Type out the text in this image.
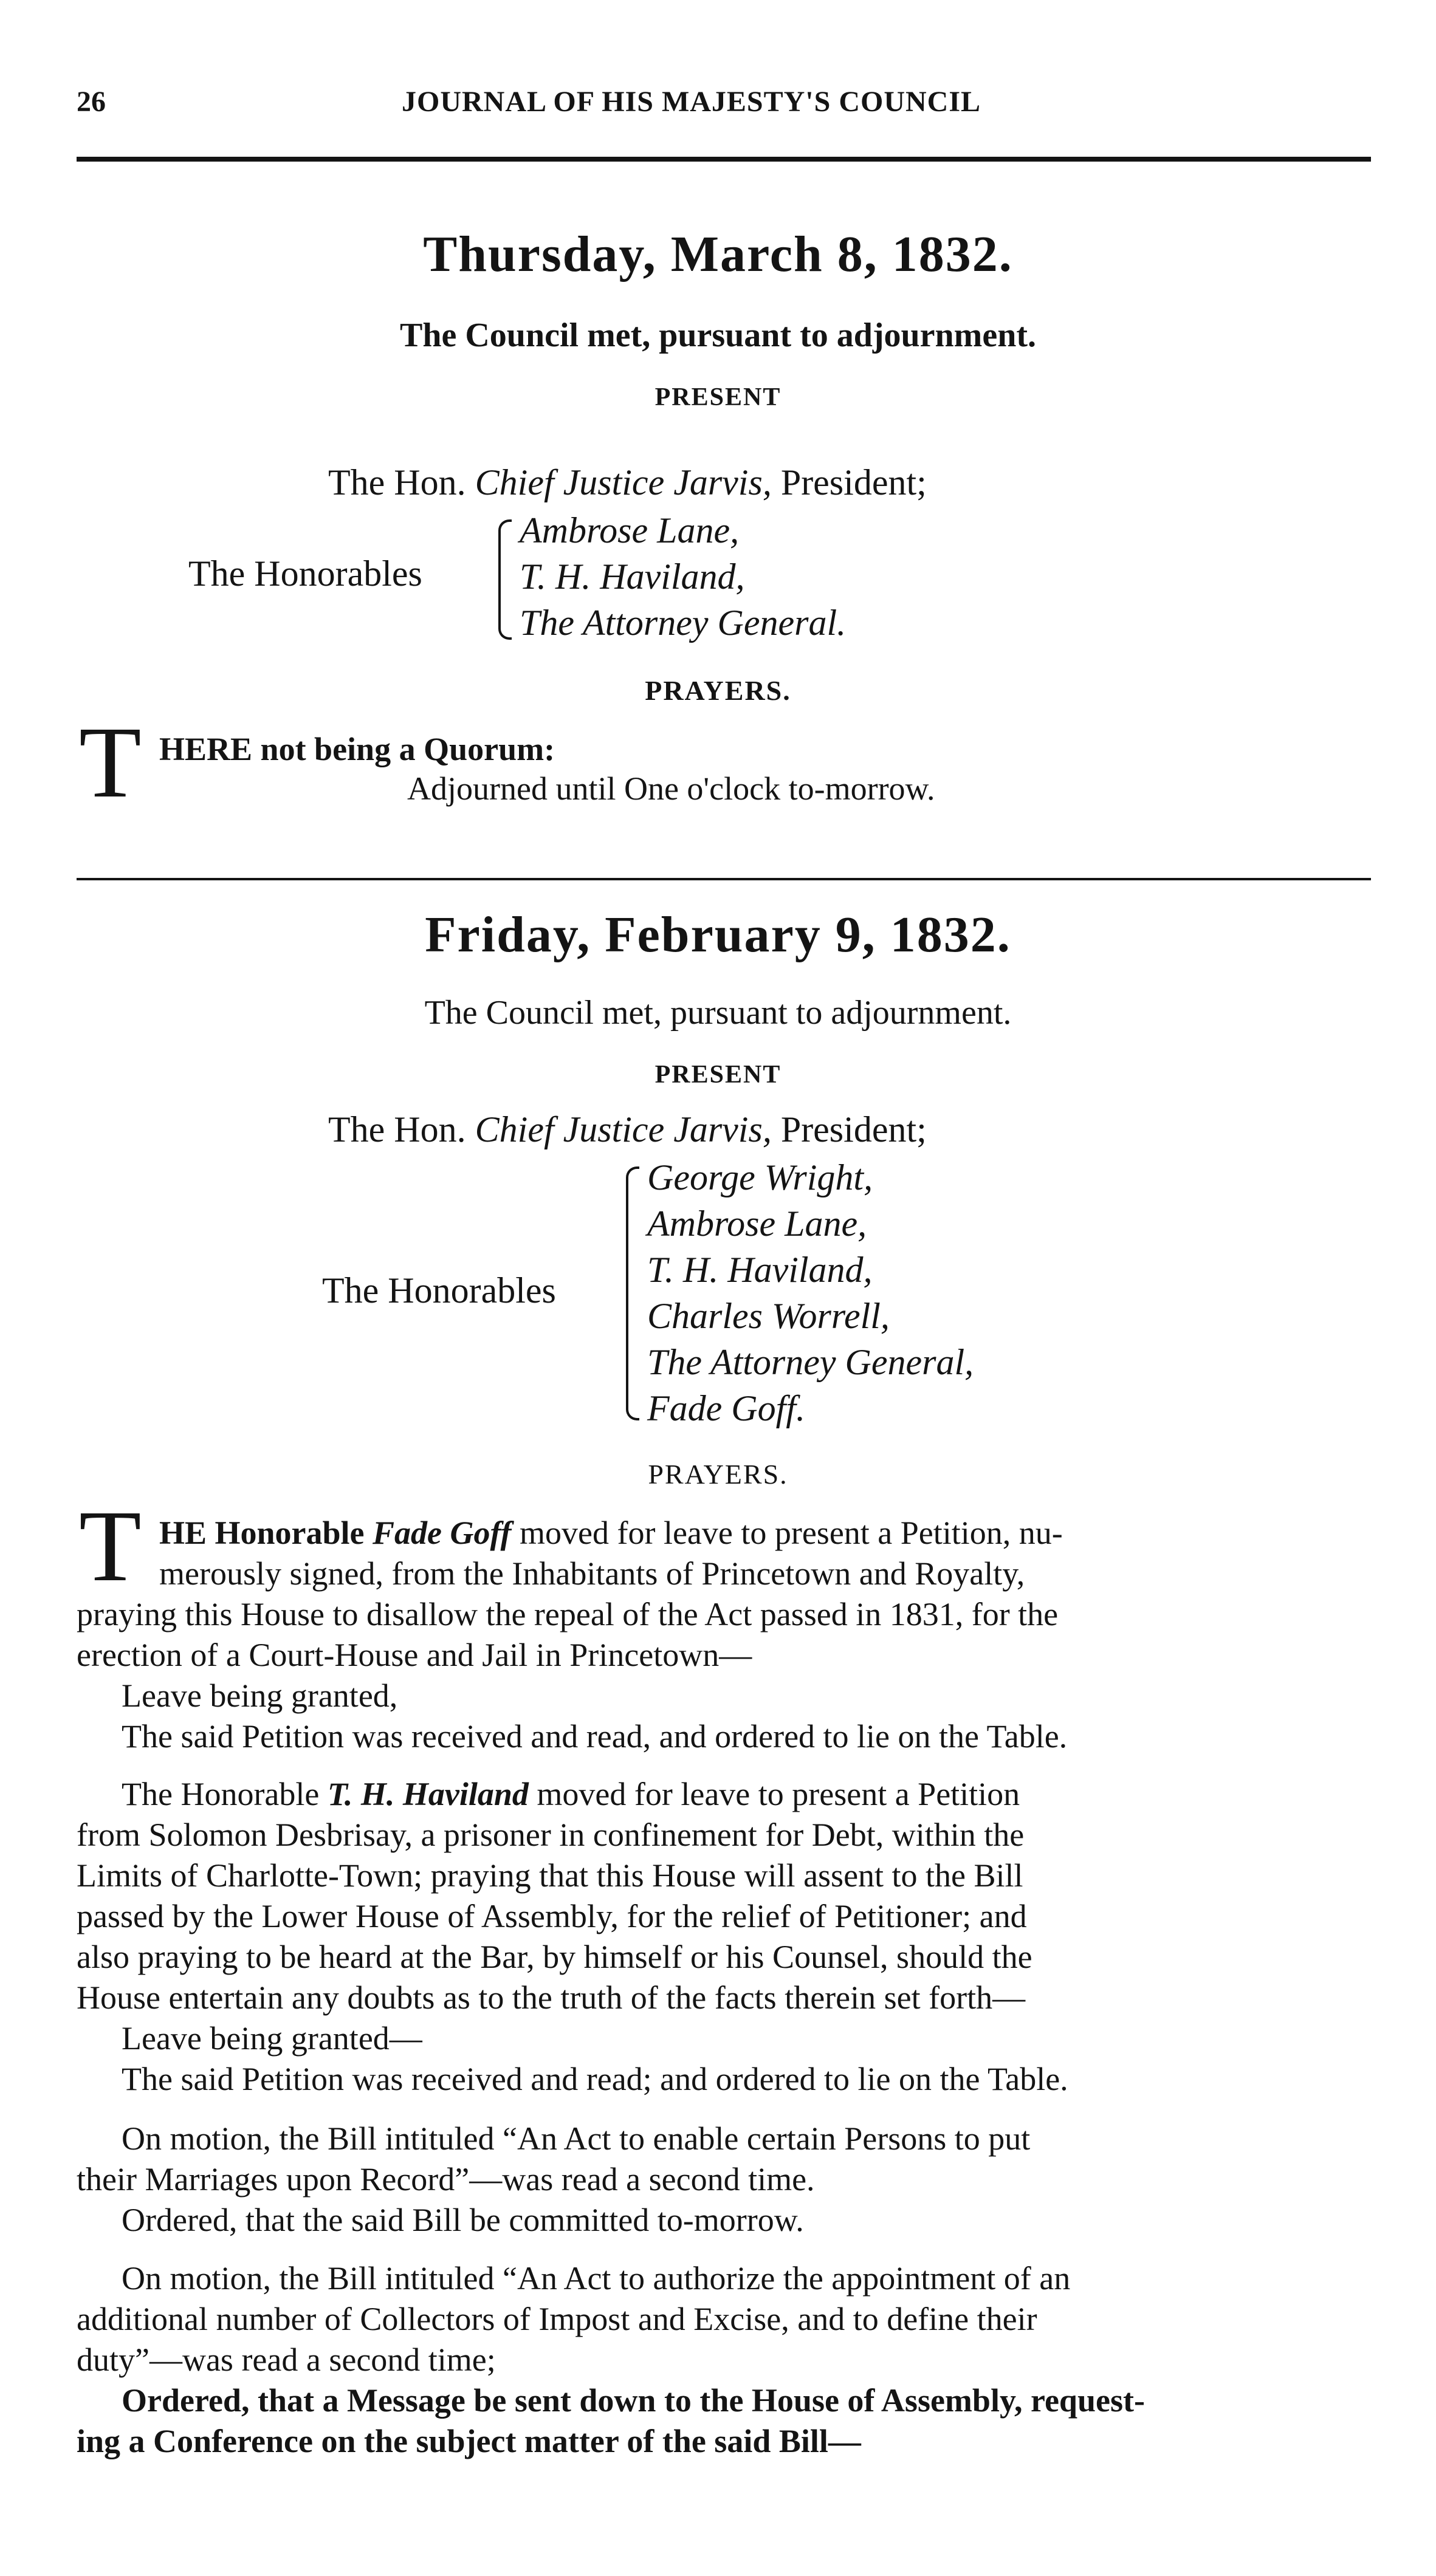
26	JOURNAL OF HIS MAJESTY'S COUNCIL
Thursday, March 8, 1832.
The Council met, pursuant to adjournment.
PRESENT
The Hon. Chief Justice Jarvis, President;
The Honorables
Ambrose Lane,
T. H. Haviland,
The Attorney General.
PRAYERS.
T HERE not being a Quorum:
Adjourned until One o'clock to-morrow.
Friday, February 9, 1832.
The Council met, pursuant to adjournment.
PRESENT
The Hon. Chief Justice Jarvis, President;
The Honorables
George Wright,
Ambrose Lane,
T. H. Haviland,
Charles Worrell,
The Attorney General,
Fade Goff.
PRAYERS.
T HE Honorable Fade Goff moved for leave to present a Petition, nu-
merously signed, from the Inhabitants of Princetown and Royalty,
praying this House to disallow the repeal of the Act passed in 1831, for the
erection of a Court-House and Jail in Princetown—
Leave being granted,
The said Petition was received and read, and ordered to lie on the Table.
The Honorable T. H. Haviland moved for leave to present a Petition
from Solomon Desbrisay, a prisoner in confinement for Debt, within the
Limits of Charlotte-Town; praying that this House will assent to the Bill
passed by the Lower House of Assembly, for the relief of Petitioner; and
also praying to be heard at the Bar, by himself or his Counsel, should the
House entertain any doubts as to the truth of the facts therein set forth—
Leave being granted—
The said Petition was received and read; and ordered to lie on the Table.
On motion, the Bill intituled “An Act to enable certain Persons to put
their Marriages upon Record”—was read a second time.
Ordered, that the said Bill be committed to-morrow.
On motion, the Bill intituled “An Act to authorize the appointment of an
additional number of Collectors of Impost and Excise, and to define their
duty”—was read a second time;
Ordered, that a Message be sent down to the House of Assembly, request-
ing a Conference on the subject matter of the said Bill—
